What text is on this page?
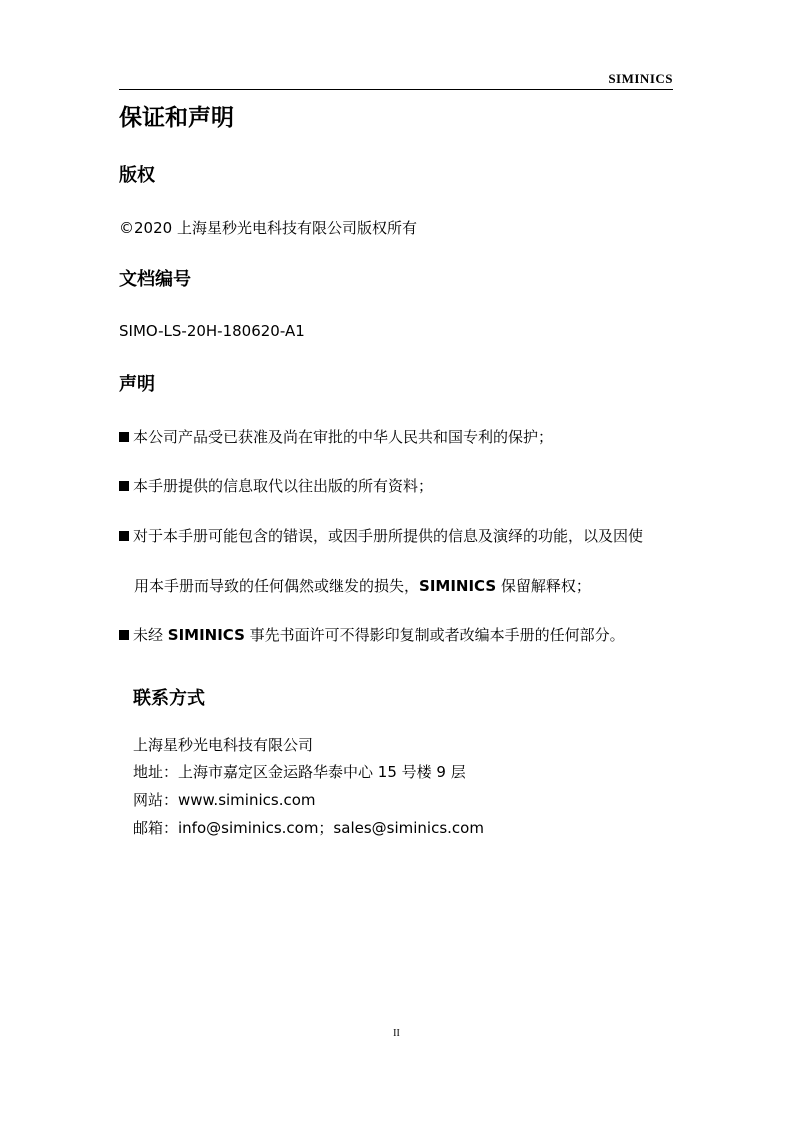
SIMINICS
保证和声明
版权

©2020 上海星秒光电科技有限公司版权所有

文档编号

SIMO-LS-20H-180620-A1

声明

本公司产品受已获准及尚在审批的中华人民共和国专利的保护；

本手册提供的信息取代以往出版的所有资料；

对于本手册可能包含的错误，或因手册所提供的信息及演绎的功能，以及因使

用本手册而导致的任何偶然或继发的损失，SIMINICS 保留解释权；

未经 SIMINICS 事先书面许可不得影印复制或者改编本手册的任何部分。

联系方式

上海星秒光电科技有限公司

地址：上海市嘉定区金运路华泰中心 15 号楼 9 层

网站：www.siminics.com

邮箱：info@siminics.com；sales@siminics.com

II
